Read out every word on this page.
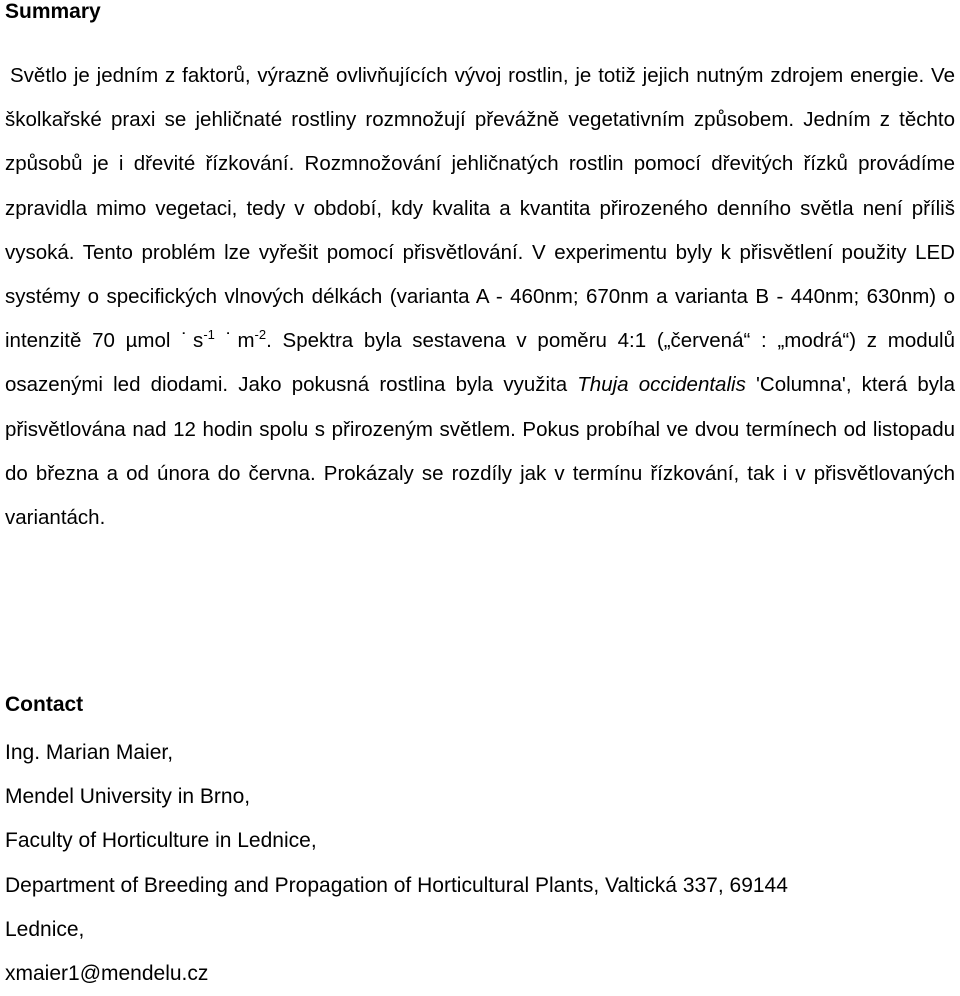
Summary

Světlo je jedním z faktorů, výrazně ovlivňujících vývoj rostlin, je totiž jejich nutným zdrojem energie. Ve školkařské praxi se jehličnaté rostliny rozmnožují převážně vegetativním způsobem. Jedním z těchto způsobů je i dřevité řízkování. Rozmnožování jehličnatých rostlin pomocí dřevitých řízků provádíme zpravidla mimo vegetaci, tedy v období, kdy kvalita a kvantita přirozeného denního světla není příliš vysoká. Tento problém lze vyřešit pomocí přisvětlování. V experimentu byly k přisvětlení použity LED systémy o specifických vlnových délkách (varianta A - 460nm; 670nm a varianta B - 440nm; 630nm) o intenzitě 70 µmol $˙s^{-1}$ $˙m^{-2}$. Spektra byla sestavena v poměru 4:1 („červená“ : „modrá“) z modulů osazenými led diodami. Jako pokusná rostlina byla využita Thuja occidentalis 'Columna', která byla přisvětlována nad 12 hodin spolu s přirozeným světlem. Pokus probíhal ve dvou termínech od listopadu do března a od února do června. Prokázaly se rozdíly jak v termínu řízkování, tak i v přisvětlovaných variantách.

Contact
Ing. Marian Maier,
Mendel University in Brno,
Faculty of Horticulture in Lednice,
Department of Breeding and Propagation of Horticultural Plants, Valtická 337, 69144
Lednice,
xmaier1@mendelu.cz
